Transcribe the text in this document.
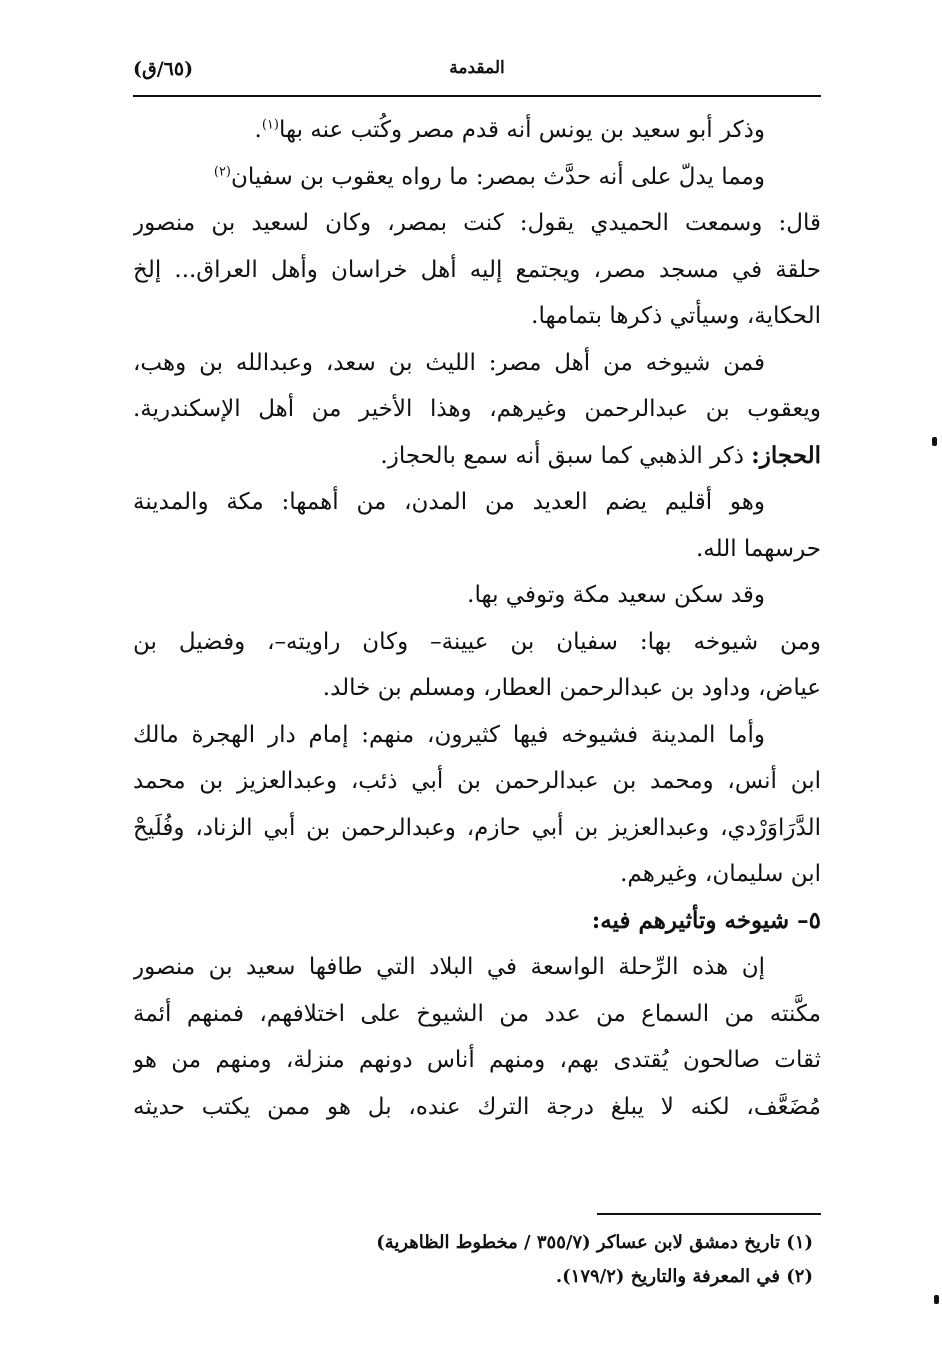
المقدمة
(٦٥/ق)
وذكر أبو سعيد بن يونس أنه قدم مصر وكُتب عنه بها$^{(١)}$.
ومما يدلّ على أنه حدَّث بمصر: ما رواه يعقوب بن سفيان$^{(٢)}$
قال: وسمعت الحميدي يقول: كنت بمصر، وكان لسعيد بن منصور
حلقة في مسجد مصر، ويجتمع إليه أهل خراسان وأهل العراق... إلخ
الحكاية، وسيأتي ذكرها بتمامها.
فمن شيوخه من أهل مصر: الليث بن سعد، وعبدالله بن وهب،
ويعقوب بن عبدالرحمن وغيرهم، وهذا الأخير من أهل الإسكندرية.
الحجاز: ذكر الذهبي كما سبق أنه سمع بالحجاز.
وهو أقليم يضم العديد من المدن، من أهمها: مكة والمدينة
حرسهما الله.
وقد سكن سعيد مكة وتوفي بها.
ومن شيوخه بها: سفيان بن عيينة– وكان راويته–، وفضيل بن
عياض، وداود بن عبدالرحمن العطار، ومسلم بن خالد.
وأما المدينة فشيوخه فيها كثيرون، منهم: إمام دار الهجرة مالك
ابن أنس، ومحمد بن عبدالرحمن بن أبي ذئب، وعبدالعزيز بن محمد
الدَّرَاوَرْدي، وعبدالعزيز بن أبي حازم، وعبدالرحمن بن أبي الزناد، وفُلَيحْ
ابن سليمان، وغيرهم.
٥– شيوخه وتأثيرهم فيه:
إن هذه الرِّحلة الواسعة في البلاد التي طافها سعيد بن منصور
مكَّنته من السماع من عدد من الشيوخ على اختلافهم، فمنهم أئمة
ثقات صالحون يُقتدى بهم، ومنهم أناس دونهم منزلة، ومنهم من هو
مُضَعَّف، لكنه لا يبلغ درجة الترك عنده، بل هو ممن يكتب حديثه
(١) تاريخ دمشق لابن عساكر (٣٥٥/٧ / مخطوط الظاهرية)
(٢) في المعرفة والتاريخ (١٧٩/٢).
